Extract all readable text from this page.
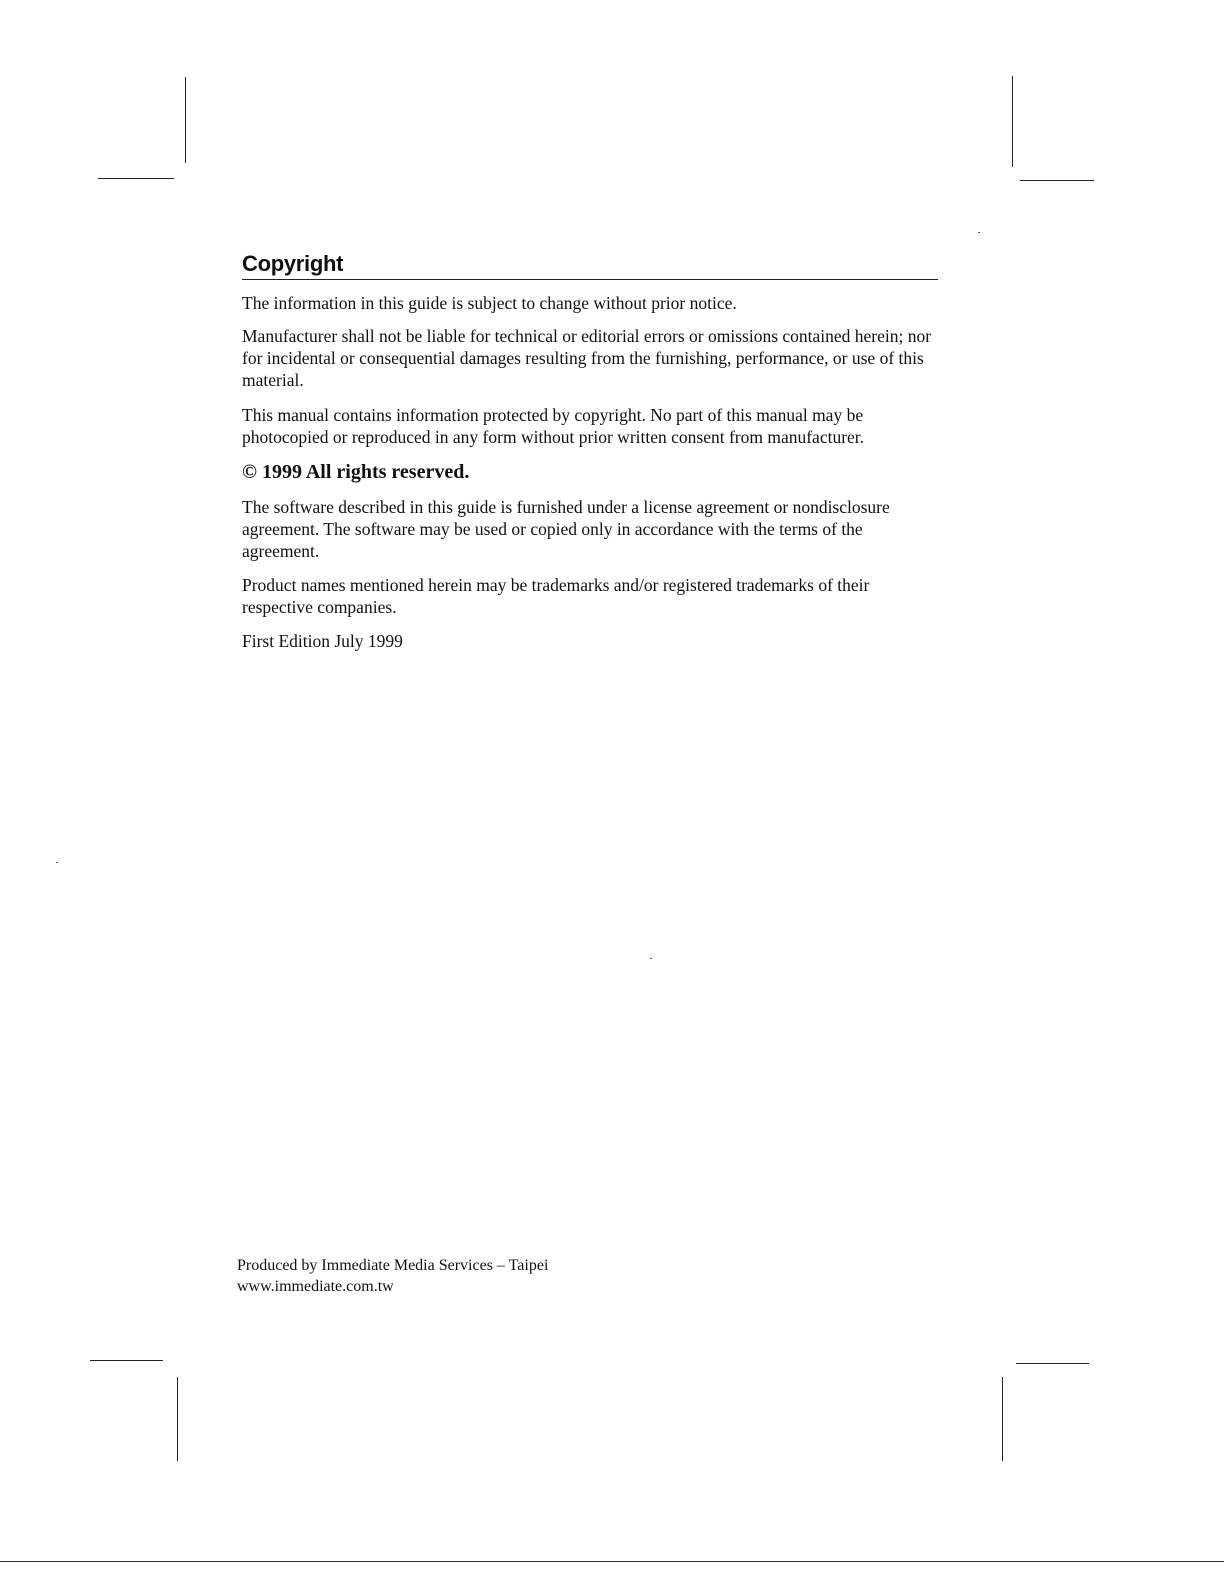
Copyright

The information in this guide is subject to change without prior notice.

Manufacturer shall not be liable for technical or editorial errors or omissions contained herein; nor for incidental or consequential damages resulting from the furnishing, performance, or use of this material.

This manual contains information protected by copyright. No part of this manual may be photocopied or reproduced in any form without prior written consent from manufacturer.

© 1999 All rights reserved.

The software described in this guide is furnished under a license agreement or nondisclosure agreement. The software may be used or copied only in accordance with the terms of the agreement.

Product names mentioned herein may be trademarks and/or registered trademarks of their respective companies.

First Edition July 1999

Produced by Immediate Media Services – Taipei
www.immediate.com.tw
